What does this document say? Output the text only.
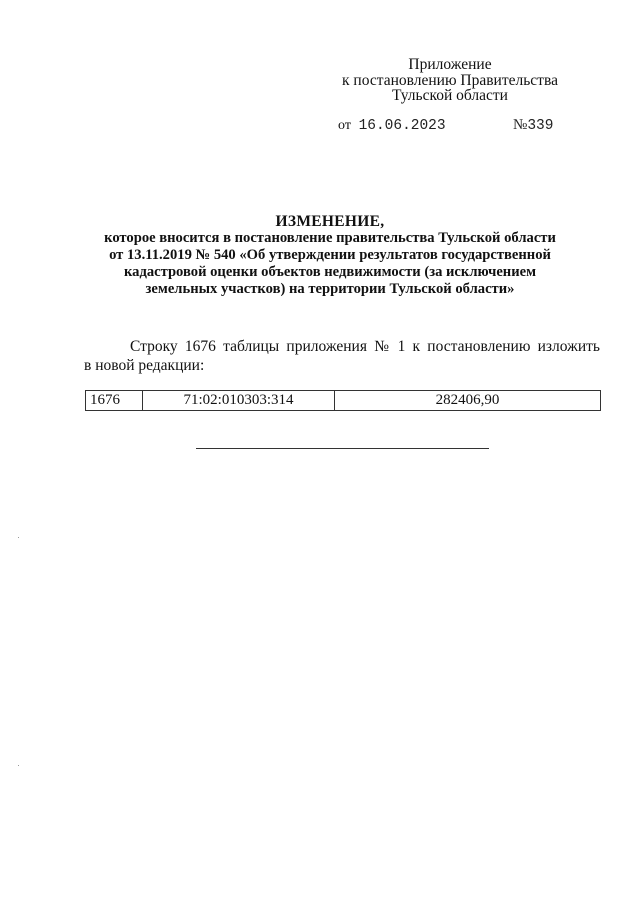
Приложение
к постановлению Правительства
Тульской области
от 16.06.2023	№339
ИЗМЕНЕНИЕ,
которое вносится в постановление правительства Тульской области
от 13.11.2019 № 540 «Об утверждении результатов государственной
кадастровой оценки объектов недвижимости (за исключением
земельных участков) на территории Тульской области»
Строку 1676 таблицы приложения № 1 к постановлению изложить
в новой редакции:
1676	71:02:010303:314	282406,90
